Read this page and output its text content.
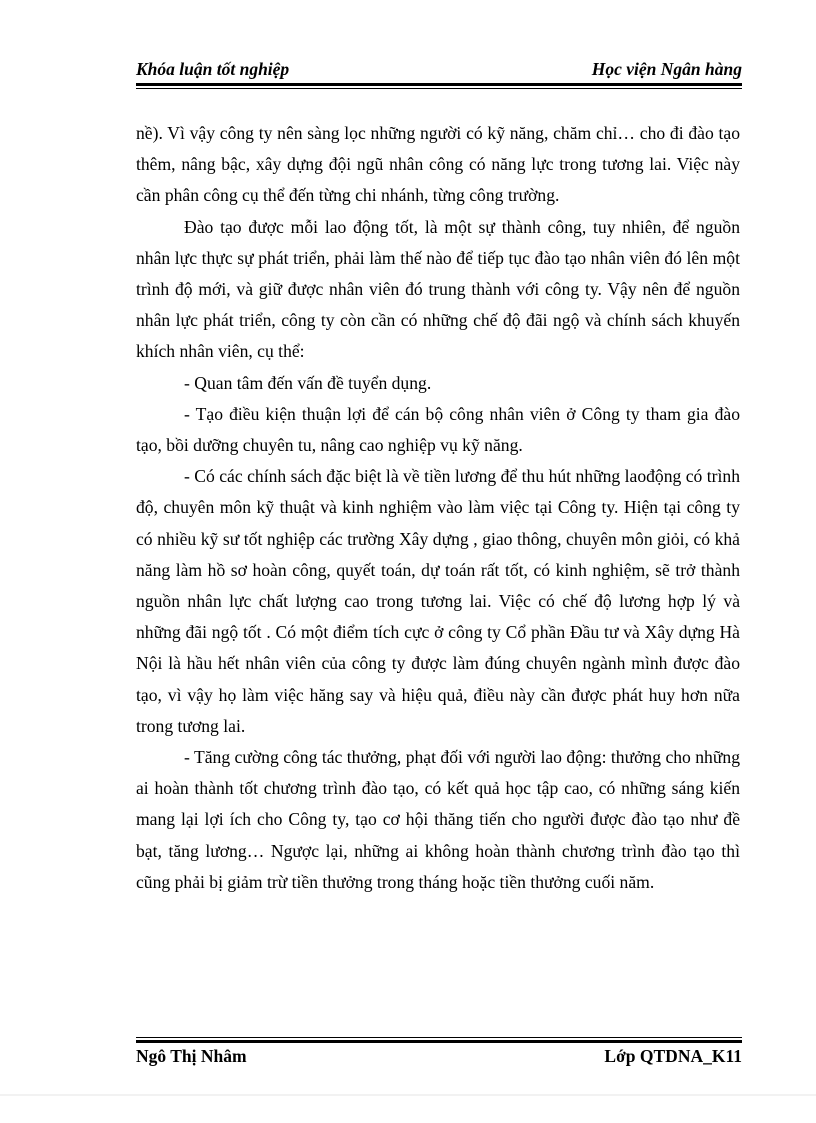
Khóa luận tốt nghiệp	Học viện Ngân hàng

nề). Vì vậy công ty nên sàng lọc những người có kỹ năng, chăm chỉ… cho đi đào tạo thêm, nâng bậc, xây dựng đội ngũ nhân công có năng lực trong tương lai. Việc này cần phân công cụ thể đến từng chi nhánh, từng công trường.

Đào tạo được mỗi lao động tốt, là một sự thành công, tuy nhiên, để nguồn nhân lực thực sự phát triển, phải làm thế nào để tiếp tục đào tạo nhân viên đó lên một trình độ mới, và giữ được nhân viên đó trung thành với công ty. Vậy nên để nguồn nhân lực phát triển, công ty còn cần có những chế độ đãi ngộ và chính sách khuyến khích nhân viên, cụ thể:

- Quan tâm đến vấn đề tuyển dụng.

- Tạo điều kiện thuận lợi để cán bộ công nhân viên ở Công ty tham gia đào tạo, bồi dưỡng chuyên tu, nâng cao nghiệp vụ kỹ năng.

- Có các chính sách đặc biệt là về tiền lương để thu hút những laođộng có trình độ, chuyên môn kỹ thuật và kinh nghiệm vào làm việc tại Công ty. Hiện tại công ty có nhiều kỹ sư tốt nghiệp các trường Xây dựng , giao thông, chuyên môn giỏi, có khả năng làm hồ sơ hoàn công, quyết toán, dự toán rất tốt, có kinh nghiệm, sẽ trở thành nguồn nhân lực chất lượng cao trong tương lai. Việc có chế độ lương hợp lý và những đãi ngộ tốt . Có một điểm tích cực ở công ty Cổ phần Đầu tư và Xây dựng Hà Nội là hầu hết nhân viên của công ty được làm đúng chuyên ngành mình được đào tạo, vì vậy họ làm việc hăng say và hiệu quả, điều này cần được phát huy hơn nữa trong tương lai.

- Tăng cường công tác thưởng, phạt đối với người lao động: thưởng cho những ai hoàn thành tốt chương trình đào tạo, có kết quả học tập cao, có những sáng kiến mang lại lợi ích cho Công ty, tạo cơ hội thăng tiến cho người được đào tạo như đề bạt, tăng lương… Ngược lại, những ai không hoàn thành chương trình đào tạo thì cũng phải bị giảm trừ tiền thưởng trong tháng hoặc tiền thưởng cuối năm.

Ngô Thị Nhâm	Lớp QTDNA_K11
